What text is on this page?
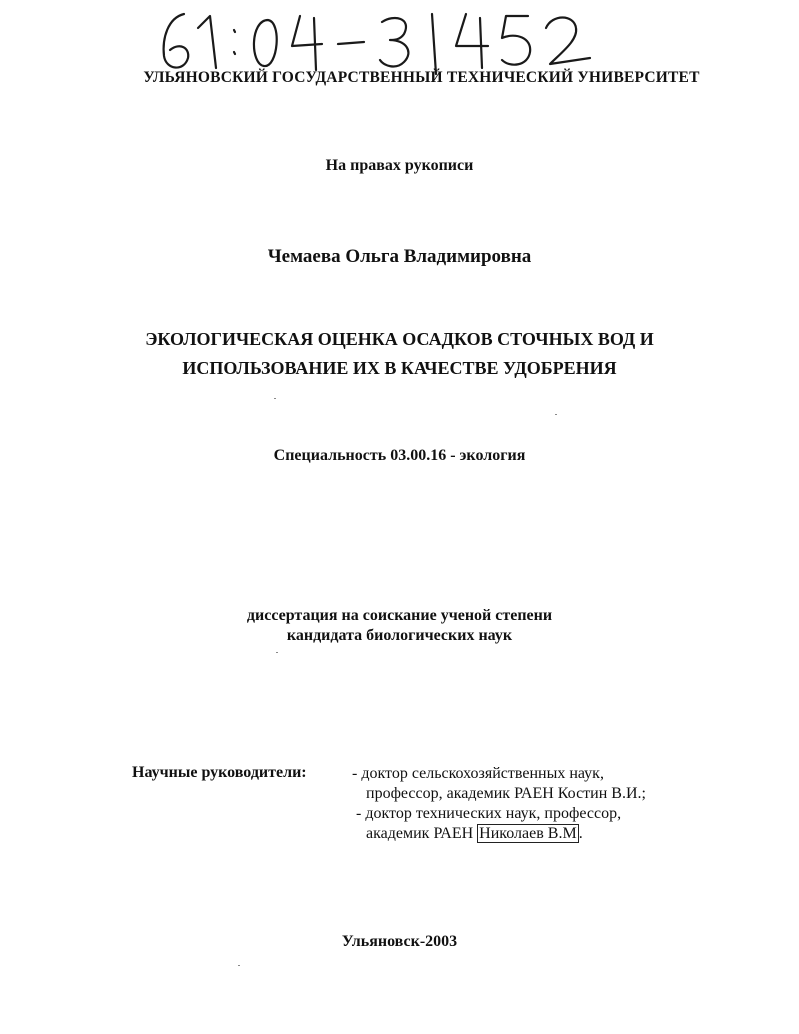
УЛЬЯНОВСКИЙ ГОСУДАРСТВЕННЫЙ ТЕХНИЧЕСКИЙ УНИВЕРСИТЕТ
На правах рукописи
Чемаева Ольга Владимировна
ЭКОЛОГИЧЕСКАЯ ОЦЕНКА ОСАДКОВ СТОЧНЫХ ВОД И
ИСПОЛЬЗОВАНИЕ ИХ В КАЧЕСТВЕ УДОБРЕНИЯ
Специальность 03.00.16 - экология
диссертация на соискание ученой степени
кандидата биологических наук
Научные руководители:	- доктор сельскохозяйственных наук,
профессор, академик РАЕН Костин В.И.;
- доктор технических наук, профессор,
академик РАЕН Николаев В.М .
Ульяновск-2003
